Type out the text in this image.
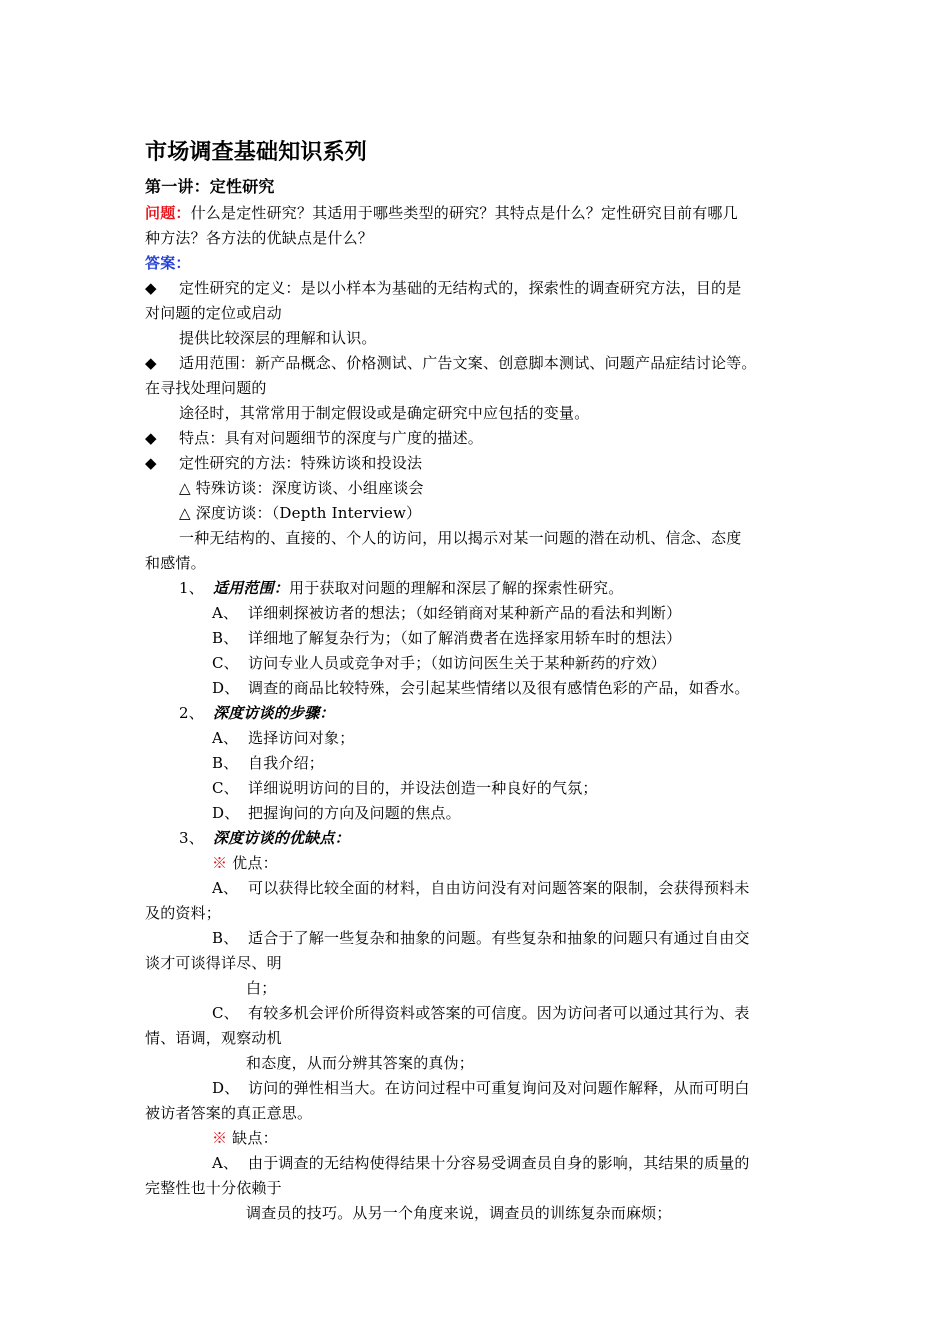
市场调查基础知识系列
第一讲：定性研究
问题：什么是定性研究？其适用于哪些类型的研究？其特点是什么？定性研究目前有哪几
种方法？各方法的优缺点是什么？
答案：
◆ 定性研究的定义：是以小样本为基础的无结构式的，探索性的调查研究方法，目的是
对问题的定位或启动
提供比较深层的理解和认识。
◆ 适用范围：新产品概念、价格测试、广告文案、创意脚本测试、问题产品症结讨论等。
在寻找处理问题的
途径时，其常常用于制定假设或是确定研究中应包括的变量。
◆ 特点：具有对问题细节的深度与广度的描述。
◆ 定性研究的方法：特殊访谈和投设法
△ 特殊访谈：深度访谈、小组座谈会
△ 深度访谈：（Depth Interview）
一种无结构的、直接的、个人的访问，用以揭示对某一问题的潜在动机、信念、态度
和感情。
1、 适用范围：用于获取对问题的理解和深层了解的探索性研究。
A、 详细刺探被访者的想法；（如经销商对某种新产品的看法和判断）
B、 详细地了解复杂行为；（如了解消费者在选择家用轿车时的想法）
C、 访问专业人员或竞争对手；（如访问医生关于某种新药的疗效）
D、 调查的商品比较特殊，会引起某些情绪以及很有感情色彩的产品，如香水。
2、 深度访谈的步骤：
A、 选择访问对象；
B、 自我介绍；
C、 详细说明访问的目的，并设法创造一种良好的气氛；
D、 把握询问的方向及问题的焦点。
3、 深度访谈的优缺点：
※ 优点：
A、 可以获得比较全面的材料，自由访问没有对问题答案的限制，会获得预料未
及的资料；
B、 适合于了解一些复杂和抽象的问题。有些复杂和抽象的问题只有通过自由交
谈才可谈得详尽、明
白；
C、 有较多机会评价所得资料或答案的可信度。因为访问者可以通过其行为、表
情、语调，观察动机
和态度，从而分辨其答案的真伪；
D、 访问的弹性相当大。在访问过程中可重复询问及对问题作解释，从而可明白
被访者答案的真正意思。
※ 缺点：
A、 由于调查的无结构使得结果十分容易受调查员自身的影响，其结果的质量的
完整性也十分依赖于
调查员的技巧。从另一个角度来说，调查员的训练复杂而麻烦；
